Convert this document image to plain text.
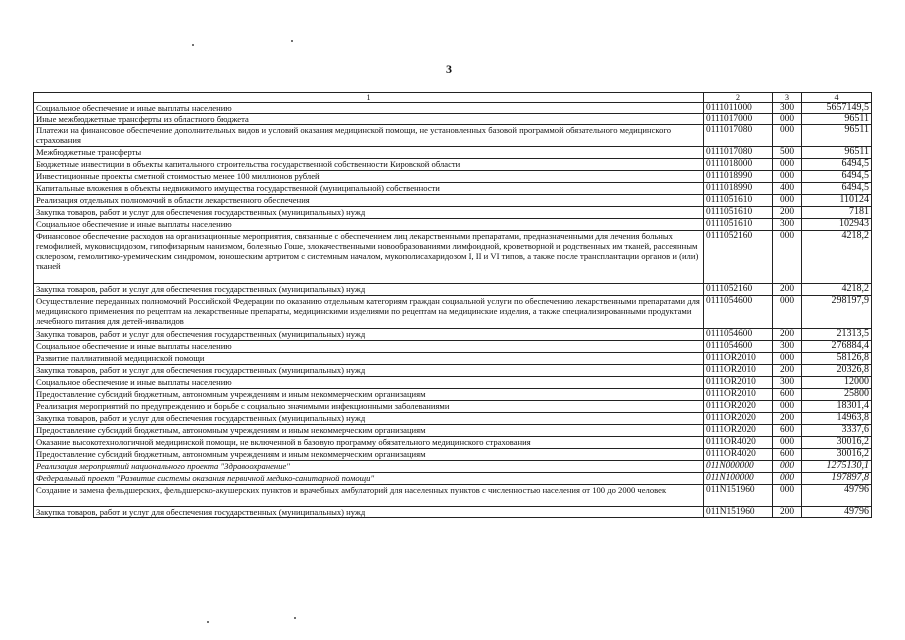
3
1	2	3	4
Социальное обеспечение и иные выплаты населению	0111011000	300	5657149,5
Иные межбюджетные трансферты из областного бюджета	0111017000	000	96511
Платежи на финансовое обеспечение дополнительных видов и условий оказания медицинской помощи, не установленных базовой программой обязательного медицинского страхования	0111017080	000	96511
Межбюджетные трансферты	0111017080	500	96511
Бюджетные инвестиции в объекты капитального строительства государственной собственности Кировской области	0111018000	000	6494,5
Инвестиционные проекты сметной стоимостью менее 100 миллионов рублей	0111018990	000	6494,5
Капитальные вложения в объекты недвижимого имущества государственной (муниципальной) собственности	0111018990	400	6494,5
Реализация отдельных полномочий в области лекарственного обеспечения	0111051610	000	110124
Закупка товаров, работ и услуг для обеспечения государственных (муниципальных) нужд	0111051610	200	7181
Социальное обеспечение и иные выплаты населению	0111051610	300	102943
Финансовое обеспечение расходов на организационные мероприятия, связанные с обеспечением лиц лекарственными препаратами, предназначенными для лечения больных гемофилией, муковисцидозом, гипофизарным нанизмом, болезнью Гоше, злокачественными новообразованиями лимфоидной, кроветворной и родственных им тканей, рассеянным склерозом, гемолитико-уремическим синдромом, юношеским артритом с системным началом, мукополисахаридозом I, II и VI типов, а также после трансплантации органов и (или) тканей	0111052160	000	4218,2
Закупка товаров, работ и услуг для обеспечения государственных (муниципальных) нужд	0111052160	200	4218,2
Осуществление переданных полномочий Российской Федерации по оказанию отдельным категориям граждан социальной услуги по обеспечению лекарственными препаратами для медицинского применения по рецептам на лекарственные препараты, медицинскими изделиями по рецептам на медицинские изделия, а также специализированными продуктами лечебного питания для детей-инвалидов	0111054600	000	298197,9
Закупка товаров, работ и услуг для обеспечения государственных (муниципальных) нужд	0111054600	200	21313,5
Социальное обеспечение и иные выплаты населению	0111054600	300	276884,4
Развитие паллиативной медицинской помощи	0111OR2010	000	58126,8
Закупка товаров, работ и услуг для обеспечения государственных (муниципальных) нужд	0111OR2010	200	20326,8
Социальное обеспечение и иные выплаты населению	0111OR2010	300	12000
Предоставление субсидий бюджетным, автономным учреждениям и иным некоммерческим организациям	0111OR2010	600	25800
Реализация мероприятий по предупреждению и борьбе с социально значимыми инфекционными заболеваниями	0111OR2020	000	18301,4
Закупка товаров, работ и услуг для обеспечения государственных (муниципальных) нужд	0111OR2020	200	14963,8
Предоставление субсидий бюджетным, автономным учреждениям и иным некоммерческим организациям	0111OR2020	600	3337,6
Оказание высокотехнологичной медицинской помощи, не включенной в базовую программу обязательного медицинского страхования	0111OR4020	000	30016,2
Предоставление субсидий бюджетным, автономным учреждениям и иным некоммерческим организациям	0111OR4020	600	30016,2
Реализация мероприятий национального проекта "Здравоохранение"	011N000000	000	1275130,1
Федеральный проект "Развитие системы оказания первичной медико-санитарной помощи"	011N100000	000	197897,8
Создание и замена фельдшерских, фельдшерско-акушерских пунктов и врачебных амбулаторий для населенных пунктов с численностью населения от 100 до 2000 человек	011N151960	000	49796
Закупка товаров, работ и услуг для обеспечения государственных (муниципальных) нужд	011N151960	200	49796
